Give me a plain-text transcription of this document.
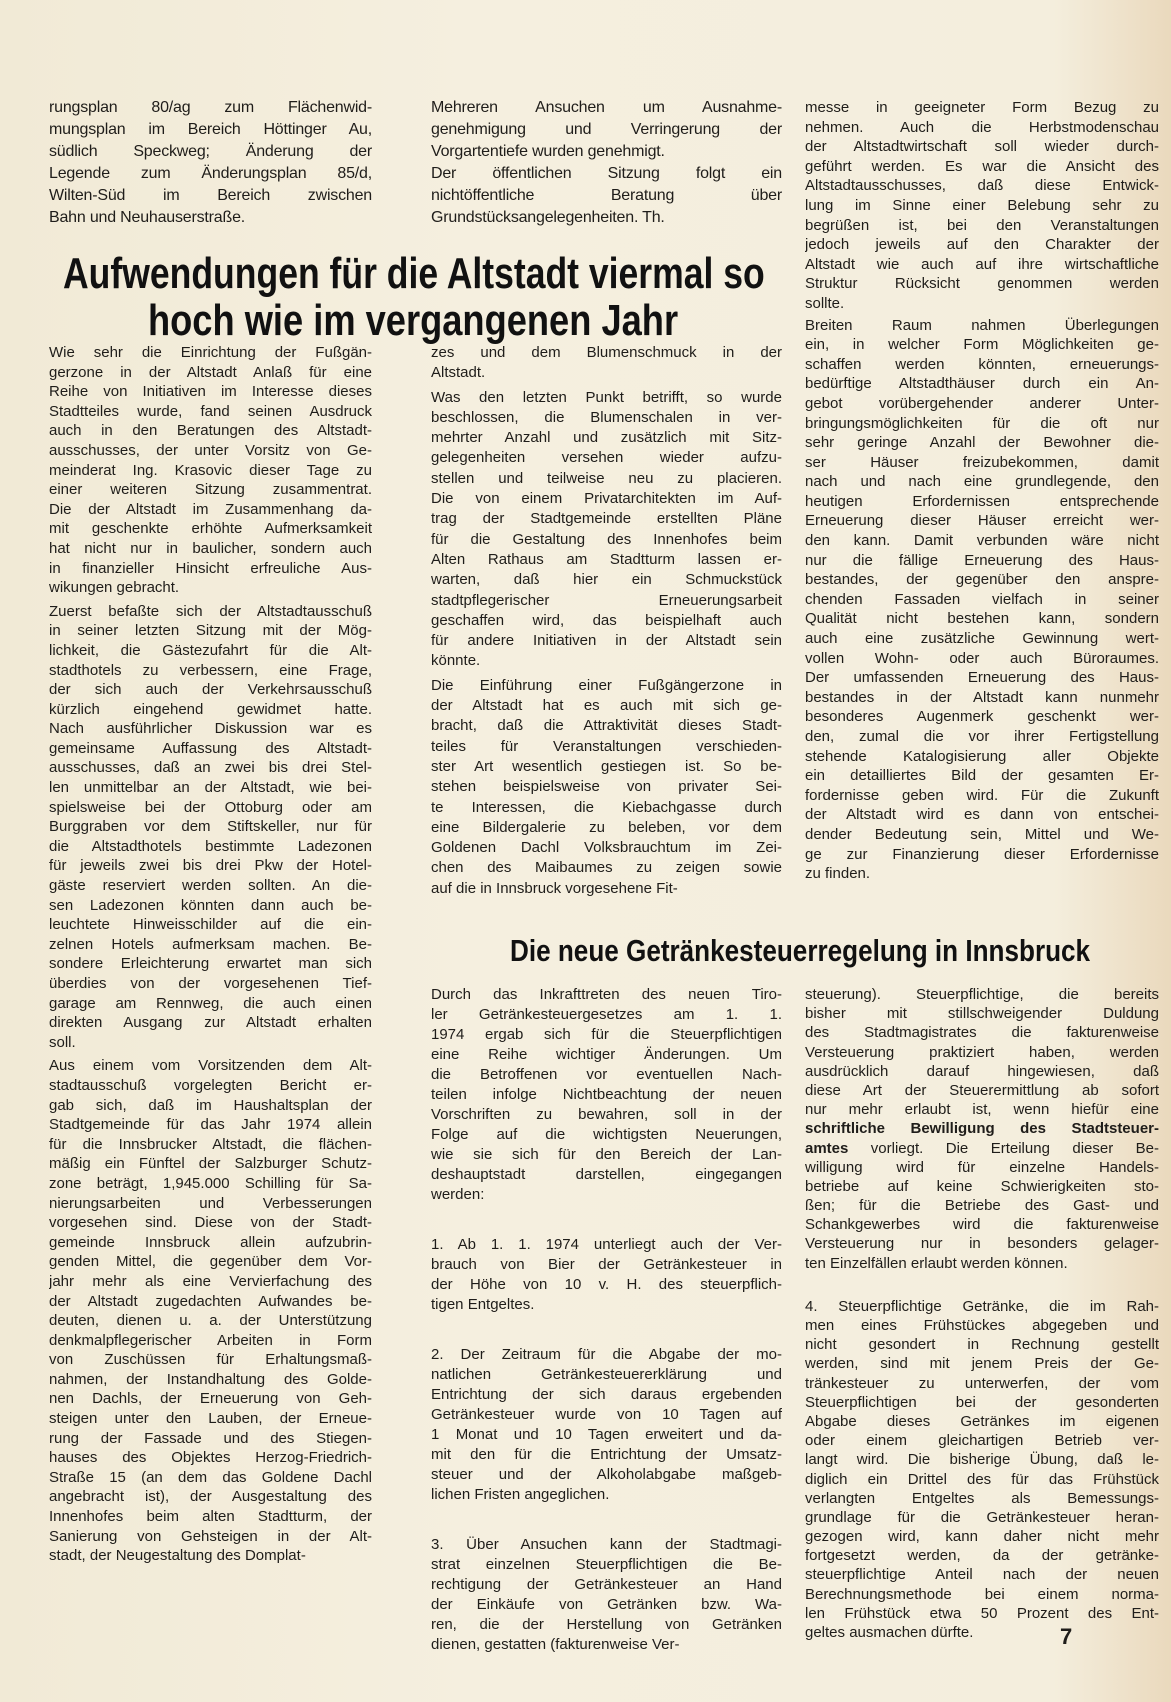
rungsplan 80/ag zum Flächenwid-
mungsplan im Bereich Höttinger Au,
südlich Speckweg; Änderung der
Legende zum Änderungsplan 85/d,
Wilten-Süd im Bereich zwischen
Bahn und Neuhauserstraße.
Mehreren Ansuchen um Ausnahme-
genehmigung und Verringerung der
Vorgartentiefe wurden genehmigt.
Der öffentlichen Sitzung folgt ein
nichtöffentliche Beratung über
Grundstücksangelegenheiten. Th.
Aufwendungen für die Altstadt viermal so
hoch wie im vergangenen Jahr
Wie sehr die Einrichtung der Fußgän-
gerzone in der Altstadt Anlaß für eine
Reihe von Initiativen im Interesse dieses
Stadtteiles wurde, fand seinen Ausdruck
auch in den Beratungen des Altstadt-
ausschusses, der unter Vorsitz von Ge-
meinderat Ing. Krasovic dieser Tage zu
einer weiteren Sitzung zusammentrat.
Die der Altstadt im Zusammenhang da-
mit geschenkte erhöhte Aufmerksamkeit
hat nicht nur in baulicher, sondern auch
in finanzieller Hinsicht erfreuliche Aus-
wikungen gebracht.
Zuerst befaßte sich der Altstadtausschuß
in seiner letzten Sitzung mit der Mög-
lichkeit, die Gästezufahrt für die Alt-
stadthotels zu verbessern, eine Frage,
der sich auch der Verkehrsausschuß
kürzlich eingehend gewidmet hatte.
Nach ausführlicher Diskussion war es
gemeinsame Auffassung des Altstadt-
ausschusses, daß an zwei bis drei Stel-
len unmittelbar an der Altstadt, wie bei-
spielsweise bei der Ottoburg oder am
Burggraben vor dem Stiftskeller, nur für
die Altstadthotels bestimmte Ladezonen
für jeweils zwei bis drei Pkw der Hotel-
gäste reserviert werden sollten. An die-
sen Ladezonen könnten dann auch be-
leuchtete Hinweisschilder auf die ein-
zelnen Hotels aufmerksam machen. Be-
sondere Erleichterung erwartet man sich
überdies von der vorgesehenen Tief-
garage am Rennweg, die auch einen
direkten Ausgang zur Altstadt erhalten
soll.
Aus einem vom Vorsitzenden dem Alt-
stadtausschuß vorgelegten Bericht er-
gab sich, daß im Haushaltsplan der
Stadtgemeinde für das Jahr 1974 allein
für die Innsbrucker Altstadt, die flächen-
mäßig ein Fünftel der Salzburger Schutz-
zone beträgt, 1,945.000 Schilling für Sa-
nierungsarbeiten und Verbesserungen
vorgesehen sind. Diese von der Stadt-
gemeinde Innsbruck allein aufzubrin-
genden Mittel, die gegenüber dem Vor-
jahr mehr als eine Vervierfachung des
der Altstadt zugedachten Aufwandes be-
deuten, dienen u. a. der Unterstützung
denkmalpflegerischer Arbeiten in Form
von Zuschüssen für Erhaltungsmaß-
nahmen, der Instandhaltung des Golde-
nen Dachls, der Erneuerung von Geh-
steigen unter den Lauben, der Erneue-
rung der Fassade und des Stiegen-
hauses des Objektes Herzog-Friedrich-
Straße 15 (an dem das Goldene Dachl
angebracht ist), der Ausgestaltung des
Innenhofes beim alten Stadtturm, der
Sanierung von Gehsteigen in der Alt-
stadt, der Neugestaltung des Domplat-
zes und dem Blumenschmuck in der
Altstadt.
Was den letzten Punkt betrifft, so wurde
beschlossen, die Blumenschalen in ver-
mehrter Anzahl und zusätzlich mit Sitz-
gelegenheiten versehen wieder aufzu-
stellen und teilweise neu zu placieren.
Die von einem Privatarchitekten im Auf-
trag der Stadtgemeinde erstellten Pläne
für die Gestaltung des Innenhofes beim
Alten Rathaus am Stadtturm lassen er-
warten, daß hier ein Schmuckstück
stadtpflegerischer Erneuerungsarbeit
geschaffen wird, das beispielhaft auch
für andere Initiativen in der Altstadt sein
könnte.
Die Einführung einer Fußgängerzone in
der Altstadt hat es auch mit sich ge-
bracht, daß die Attraktivität dieses Stadt-
teiles für Veranstaltungen verschieden-
ster Art wesentlich gestiegen ist. So be-
stehen beispielsweise von privater Sei-
te Interessen, die Kiebachgasse durch
eine Bildergalerie zu beleben, vor dem
Goldenen Dachl Volksbrauchtum im Zei-
chen des Maibaumes zu zeigen sowie
auf die in Innsbruck vorgesehene Fit-
messe in geeigneter Form Bezug zu
nehmen. Auch die Herbstmodenschau
der Altstadtwirtschaft soll wieder durch-
geführt werden. Es war die Ansicht des
Altstadtausschusses, daß diese Entwick-
lung im Sinne einer Belebung sehr zu
begrüßen ist, bei den Veranstaltungen
jedoch jeweils auf den Charakter der
Altstadt wie auch auf ihre wirtschaftliche
Struktur Rücksicht genommen werden
sollte.
Breiten Raum nahmen Überlegungen
ein, in welcher Form Möglichkeiten ge-
schaffen werden könnten, erneuerungs-
bedürftige Altstadthäuser durch ein An-
gebot vorübergehender anderer Unter-
bringungsmöglichkeiten für die oft nur
sehr geringe Anzahl der Bewohner die-
ser Häuser freizubekommen, damit
nach und nach eine grundlegende, den
heutigen Erfordernissen entsprechende
Erneuerung dieser Häuser erreicht wer-
den kann. Damit verbunden wäre nicht
nur die fällige Erneuerung des Haus-
bestandes, der gegenüber den anspre-
chenden Fassaden vielfach in seiner
Qualität nicht bestehen kann, sondern
auch eine zusätzliche Gewinnung wert-
vollen Wohn- oder auch Büroraumes.
Der umfassenden Erneuerung des Haus-
bestandes in der Altstadt kann nunmehr
besonderes Augenmerk geschenkt wer-
den, zumal die vor ihrer Fertigstellung
stehende Katalogisierung aller Objekte
ein detailliertes Bild der gesamten Er-
fordernisse geben wird. Für die Zukunft
der Altstadt wird es dann von entschei-
dender Bedeutung sein, Mittel und We-
ge zur Finanzierung dieser Erfordernisse
zu finden.
Die neue Getränkesteuerregelung in Innsbruck
Durch das Inkrafttreten des neuen Tiro-
ler Getränkesteuergesetzes am 1. 1.
1974 ergab sich für die Steuerpflichtigen
eine Reihe wichtiger Änderungen. Um
die Betroffenen vor eventuellen Nach-
teilen infolge Nichtbeachtung der neuen
Vorschriften zu bewahren, soll in der
Folge auf die wichtigsten Neuerungen,
wie sie sich für den Bereich der Lan-
deshauptstadt darstellen, eingegangen
werden:
1. Ab 1. 1. 1974 unterliegt auch der Ver-
brauch von Bier der Getränkesteuer in
der Höhe von 10 v. H. des steuerpflich-
tigen Entgeltes.
2. Der Zeitraum für die Abgabe der mo-
natlichen Getränkesteuererklärung und
Entrichtung der sich daraus ergebenden
Getränkesteuer wurde von 10 Tagen auf
1 Monat und 10 Tagen erweitert und da-
mit den für die Entrichtung der Umsatz-
steuer und der Alkoholabgabe maßgeb-
lichen Fristen angeglichen.
3. Über Ansuchen kann der Stadtmagi-
strat einzelnen Steuerpflichtigen die Be-
rechtigung der Getränkesteuer an Hand
der Einkäufe von Getränken bzw. Wa-
ren, die der Herstellung von Getränken
dienen, gestatten (fakturenweise Ver-
steuerung). Steuerpflichtige, die bereits
bisher mit stillschweigender Duldung
des Stadtmagistrates die fakturenweise
Versteuerung praktiziert haben, werden
ausdrücklich darauf hingewiesen, daß
diese Art der Steuerermittlung ab sofort
nur mehr erlaubt ist, wenn hiefür eine
schriftliche Bewilligung des Stadtsteuer-
amtes vorliegt. Die Erteilung dieser Be-
willigung wird für einzelne Handels-
betriebe auf keine Schwierigkeiten sto-
ßen; für die Betriebe des Gast- und
Schankgewerbes wird die fakturenweise
Versteuerung nur in besonders gelager-
ten Einzelfällen erlaubt werden können.
4. Steuerpflichtige Getränke, die im Rah-
men eines Frühstückes abgegeben und
nicht gesondert in Rechnung gestellt
werden, sind mit jenem Preis der Ge-
tränkesteuer zu unterwerfen, der vom
Steuerpflichtigen bei der gesonderten
Abgabe dieses Getränkes im eigenen
oder einem gleichartigen Betrieb ver-
langt wird. Die bisherige Übung, daß le-
diglich ein Drittel des für das Frühstück
verlangten Entgeltes als Bemessungs-
grundlage für die Getränkesteuer heran-
gezogen wird, kann daher nicht mehr
fortgesetzt werden, da der getränke-
steuerpflichtige Anteil nach der neuen
Berechnungsmethode bei einem norma-
len Frühstück etwa 50 Prozent des Ent-
geltes ausmachen dürfte.	7
